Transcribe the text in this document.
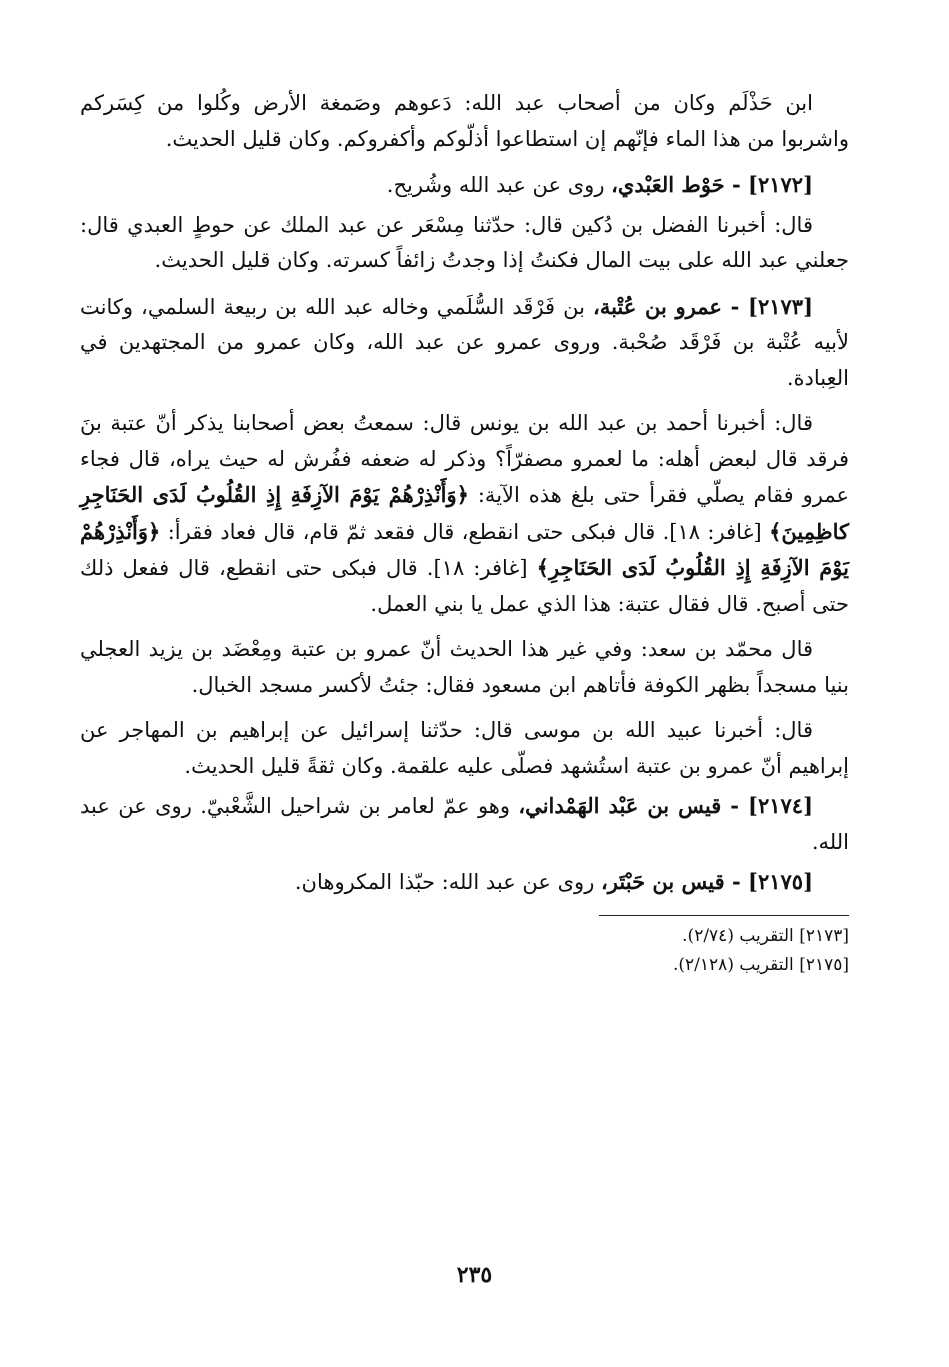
ابن حَذْلَم وكان من أصحاب عبد الله: دَعوهم وصَمغة الأرض وكُلوا من كِسَركم واشربوا من هذا الماء فإنّهم إن استطاعوا أذلّوكم وأكفروكم. وكان قليل الحديث.

[٢١٧٢] - حَوْط العَبْدي، روى عن عبد الله وشُريح.

قال: أخبرنا الفضل بن دُكين قال: حدّثنا مِسْعَر عن عبد الملك عن حوطٍ العبدي قال: جعلني عبد الله على بيت المال فكنتُ إذا وجدتُ زائفاً كسرته. وكان قليل الحديث.

[٢١٧٣] - عمرو بن عُتْبة، بن فَرْقَد السُّلَمي وخاله عبد الله بن ربيعة السلمي، وكانت لأبيه عُتْبة بن فَرْقَد صُحْبة. وروى عمرو عن عبد الله، وكان عمرو من المجتهدين في العِبادة.

قال: أخبرنا أحمد بن عبد الله بن يونس قال: سمعتُ بعض أصحابنا يذكر أنّ عتبة بنَ فرقد قال لبعض أهله: ما لعمرو مصفرّاً؟ وذكر له ضعفه ففُرش له حيث يراه، قال فجاء عمرو فقام يصلّي فقرأ حتى بلغ هذه الآية: ﴿وَأَنْذِرْهُمْ يَوْمَ الآزِفَةِ إِذِ القُلُوبُ لَدَى الحَنَاجِرِ كاظِمِينَ﴾ [غافر: ١٨]. قال فبكى حتى انقطع، قال فقعد ثمّ قام، قال فعاد فقرأ: ﴿وَأَنْذِرْهُمْ يَوْمَ الآزِفَةِ إِذِ القُلُوبُ لَدَى الحَنَاجِرِ﴾ [غافر: ١٨]. قال فبكى حتى انقطع، قال ففعل ذلك حتى أصبح. قال فقال عتبة: هذا الذي عمل يا بني العمل.

قال محمّد بن سعد: وفي غير هذا الحديث أنّ عمرو بن عتبة ومِعْضَد بن يزيد العجلي بنيا مسجداً بظهر الكوفة فأتاهم ابن مسعود فقال: جئتُ لأكسر مسجد الخبال.

قال: أخبرنا عبيد الله بن موسى قال: حدّثنا إسرائيل عن إبراهيم بن المهاجر عن إبراهيم أنّ عمرو بن عتبة استُشهد فصلّى عليه علقمة. وكان ثقةً قليل الحديث.

[٢١٧٤] - قيس بن عَبْد الهَمْداني، وهو عمّ لعامر بن شراحيل الشَّعْبيّ. روى عن عبد الله.

[٢١٧٥] - قيس بن حَبْتَر، روى عن عبد الله: حبّذا المكروهان.

[٢١٧٣] التقريب (٢/٧٤).

[٢١٧٥] التقريب (٢/١٢٨).

٢٣٥
